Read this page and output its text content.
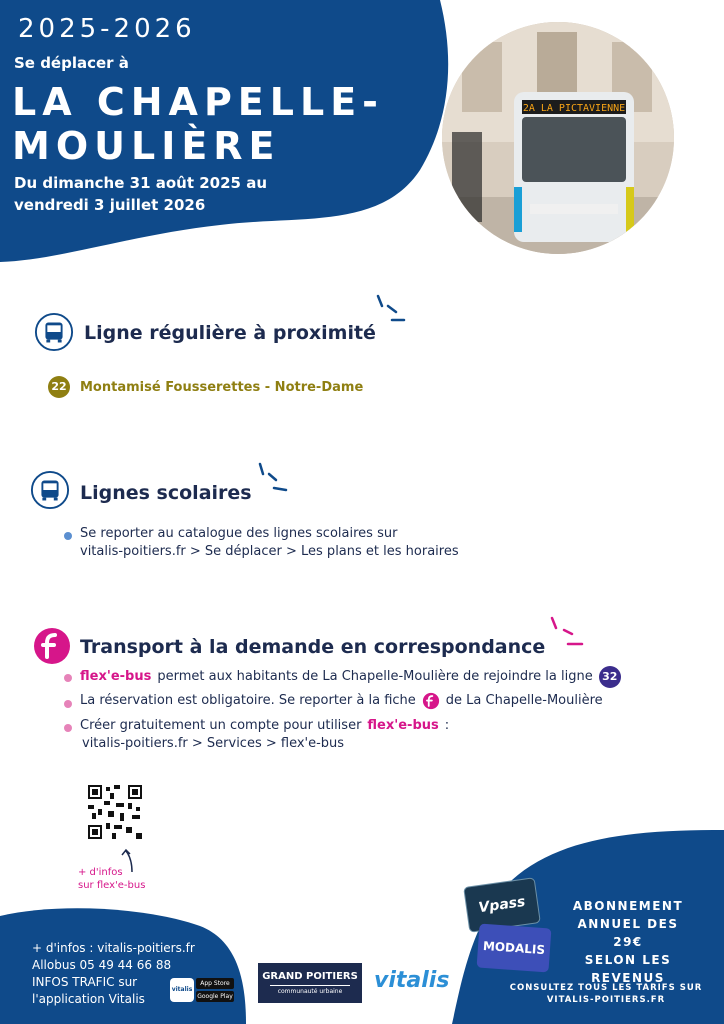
2025-2026
Se déplacer à
LA CHAPELLE-
MOULIÈRE
Du dimanche 31 août 2025 au
vendredi 3 juillet 2026
2A LA PICTAVIENNE
Ligne régulière à proximité
22 Montamisé Fousserettes - Notre-Dame
Lignes scolaires
Se reporter au catalogue des lignes scolaires sur
vitalis-poitiers.fr > Se déplacer > Les plans et les horaires
Transport à la demande en correspondance
flex'e-bus permet aux habitants de La Chapelle-Moulière de rejoindre la ligne 32
La réservation est obligatoire. Se reporter à la fiche de La Chapelle-Moulière
Créer gratuitement un compte pour utiliser flex'e-bus :
vitalis-poitiers.fr > Services > flex'e-bus
+ d'infos
sur flex'e-bus
+ d'infos : vitalis-poitiers.fr
Allobus 05 49 44 66 88
INFOS TRAFIC sur
l'application Vitalis
vitalis
App Store
Google Play
GRAND POITIERS
communauté urbaine	vitalis
Vpass
MODALIS
ABONNEMENT
ANNUEL DES 29€
SELON LES
REVENUS
CONSULTEZ TOUS LES TARIFS SUR
VITALIS-POITIERS.FR
